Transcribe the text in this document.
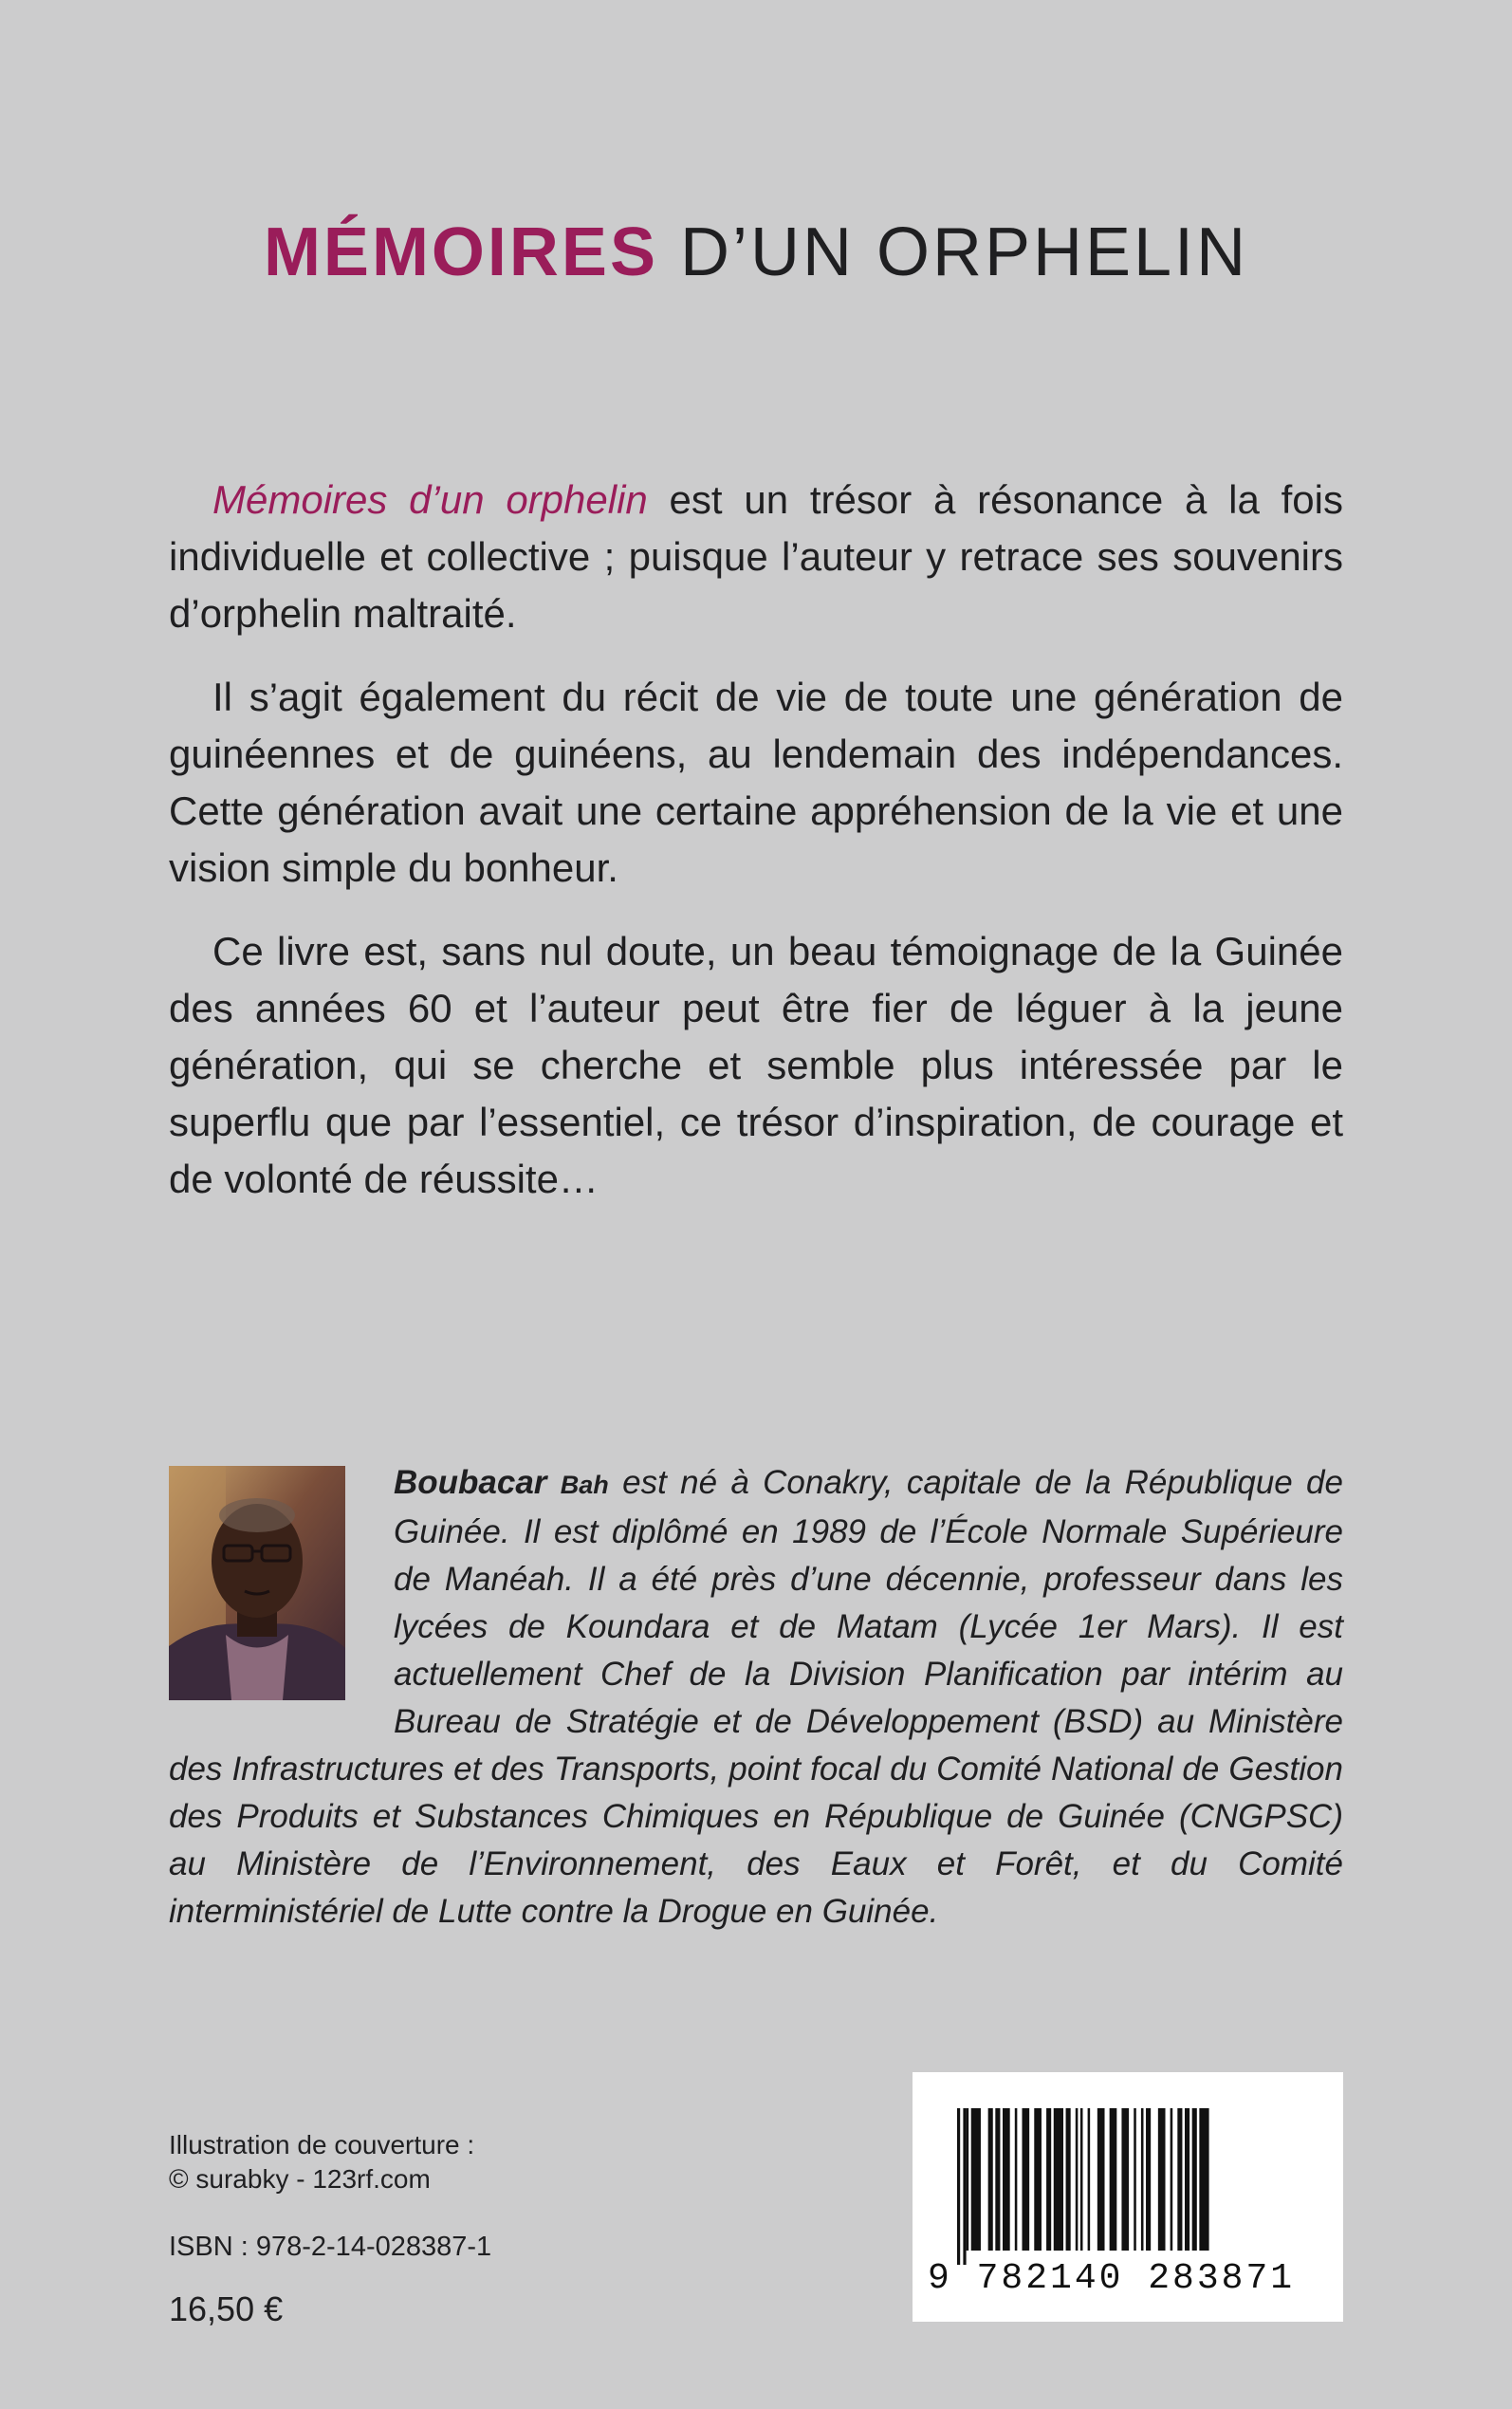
MÉMOIRES D’UN ORPHELIN

Mémoires d’un orphelin est un trésor à résonance à la fois individuelle et collective ; puisque l’auteur y retrace ses souvenirs d’orphelin maltraité.

Il s’agit également du récit de vie de toute une génération de guinéennes et de guinéens, au lendemain des indépendances. Cette génération avait une certaine appréhension de la vie et une vision simple du bonheur.

Ce livre est, sans nul doute, un beau témoignage de la Guinée des années 60 et l’auteur peut être fier de léguer à la jeune génération, qui se cherche et semble plus intéressée par le superflu que par l’essentiel, ce trésor d’inspiration, de courage et de volonté de réussite…

Boubacar Bah est né à Conakry, capitale de la République de Guinée. Il est diplômé en 1989 de l’École Normale Supérieure de Manéah. Il a été près d’une décennie, professeur dans les lycées de Koundara et de Matam (Lycée 1er Mars). Il est actuellement Chef de la Division Planification par intérim au Bureau de Stratégie et de Développement (BSD) au Ministère des Infrastructures et des Transports, point focal du Comité National de Gestion des Produits et Substances Chimiques en République de Guinée (CNGPSC) au Ministère de l’Environnement, des Eaux et Forêt, et du Comité interministériel de Lutte contre la Drogue en Guinée.
Illustration de couverture :
© surabky - 123rf.com
ISBN : 978-2-14-028387-1
16,50 €
9 782140 283871
